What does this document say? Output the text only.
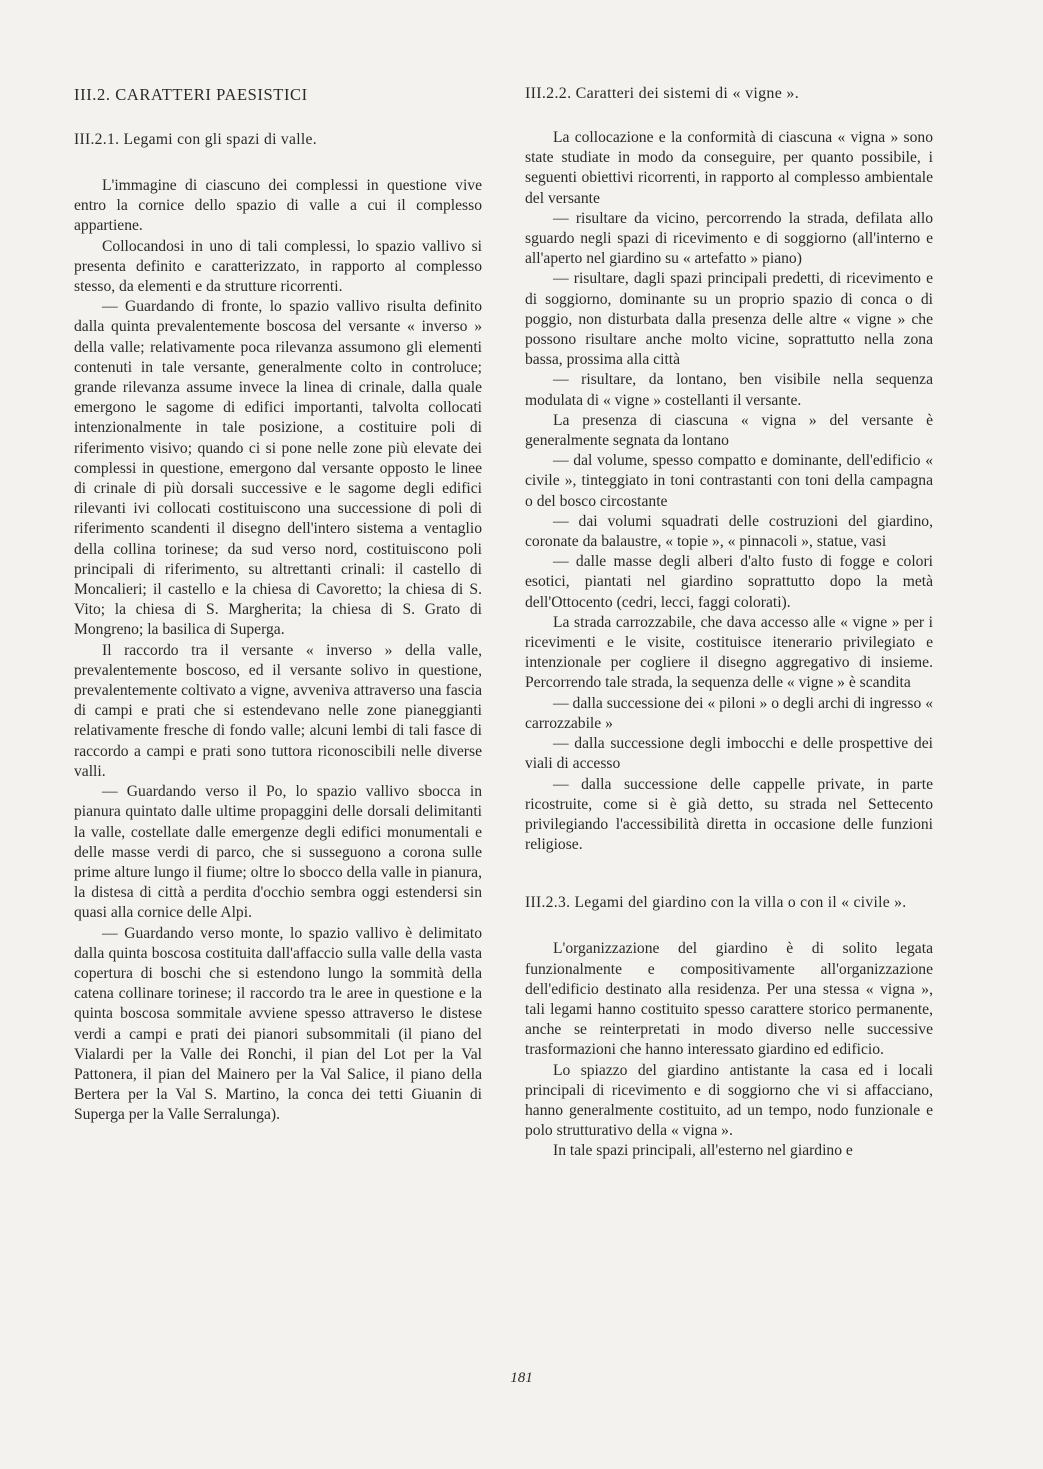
III.2. CARATTERI PAESISTICI
III.2.1. Legami con gli spazi di valle.

L'immagine di ciascuno dei complessi in questione vive entro la cornice dello spazio di valle a cui il complesso appartiene.

Collocandosi in uno di tali complessi, lo spazio vallivo si presenta definito e caratterizzato, in rapporto al complesso stesso, da elementi e da strutture ricorrenti.

— Guardando di fronte, lo spazio vallivo risulta definito dalla quinta prevalentemente boscosa del versante « inverso » della valle; relativamente poca rilevanza assumono gli elementi contenuti in tale versante, generalmente colto in controluce; grande rilevanza assume invece la linea di crinale, dalla quale emergono le sagome di edifici importanti, talvolta collocati intenzionalmente in tale posizione, a costituire poli di riferimento visivo; quando ci si pone nelle zone più elevate dei complessi in questione, emergono dal versante opposto le linee di crinale di più dorsali successive e le sagome degli edifici rilevanti ivi collocati costituiscono una successione di poli di riferimento scandenti il disegno dell'intero sistema a ventaglio della collina torinese; da sud verso nord, costituiscono poli principali di riferimento, su altrettanti crinali: il castello di Moncalieri; il castello e la chiesa di Cavoretto; la chiesa di S. Vito; la chiesa di S. Margherita; la chiesa di S. Grato di Mongreno; la basilica di Superga.

Il raccordo tra il versante « inverso » della valle, prevalentemente boscoso, ed il versante solivo in questione, prevalentemente coltivato a vigne, avveniva attraverso una fascia di campi e prati che si estendevano nelle zone pianeggianti relativamente fresche di fondo valle; alcuni lembi di tali fasce di raccordo a campi e prati sono tuttora riconoscibili nelle diverse valli.

— Guardando verso il Po, lo spazio vallivo sbocca in pianura quintato dalle ultime propaggini delle dorsali delimitanti la valle, costellate dalle emergenze degli edifici monumentali e delle masse verdi di parco, che si susseguono a corona sulle prime alture lungo il fiume; oltre lo sbocco della valle in pianura, la distesa di città a perdita d'occhio sembra oggi estendersi sin quasi alla cornice delle Alpi.

— Guardando verso monte, lo spazio vallivo è delimitato dalla quinta boscosa costituita dall'affaccio sulla valle della vasta copertura di boschi che si estendono lungo la sommità della catena collinare torinese; il raccordo tra le aree in questione e la quinta boscosa sommitale avviene spesso attraverso le distese verdi a campi e prati dei pianori subsommitali (il piano del Vialardi per la Valle dei Ronchi, il pian del Lot per la Val Pattonera, il pian del Mainero per la Val Salice, il piano della Bertera per la Val S. Martino, la conca dei tetti Giuanin di Superga per la Valle Serralunga).

III.2.2. Caratteri dei sistemi di « vigne ».

La collocazione e la conformità di ciascuna « vigna » sono state studiate in modo da conseguire, per quanto possibile, i seguenti obiettivi ricorrenti, in rapporto al complesso ambientale del versante

— risultare da vicino, percorrendo la strada, defilata allo sguardo negli spazi di ricevimento e di soggiorno (all'interno e all'aperto nel giardino su « artefatto » piano)

— risultare, dagli spazi principali predetti, di ricevimento e di soggiorno, dominante su un proprio spazio di conca o di poggio, non disturbata dalla presenza delle altre « vigne » che possono risultare anche molto vicine, soprattutto nella zona bassa, prossima alla città

— risultare, da lontano, ben visibile nella sequenza modulata di « vigne » costellanti il versante.

La presenza di ciascuna « vigna » del versante è generalmente segnata da lontano

— dal volume, spesso compatto e dominante, dell'edificio « civile », tinteggiato in toni contrastanti con toni della campagna o del bosco circostante

— dai volumi squadrati delle costruzioni del giardino, coronate da balaustre, « topie », « pinnacoli », statue, vasi

— dalle masse degli alberi d'alto fusto di fogge e colori esotici, piantati nel giardino soprattutto dopo la metà dell'Ottocento (cedri, lecci, faggi colorati).

La strada carrozzabile, che dava accesso alle « vigne » per i ricevimenti e le visite, costituisce itenerario privilegiato e intenzionale per cogliere il disegno aggregativo di insieme. Percorrendo tale strada, la sequenza delle « vigne » è scandita

— dalla successione dei « piloni » o degli archi di ingresso « carrozzabile »

— dalla successione degli imbocchi e delle prospettive dei viali di accesso

— dalla successione delle cappelle private, in parte ricostruite, come si è già detto, su strada nel Settecento privilegiando l'accessibilità diretta in occasione delle funzioni religiose.

III.2.3. Legami del giardino con la villa o con il « civile ».

L'organizzazione del giardino è di solito legata funzionalmente e compositivamente all'organizzazione dell'edificio destinato alla residenza. Per una stessa « vigna », tali legami hanno costituito spesso carattere storico permanente, anche se reinterpretati in modo diverso nelle successive trasformazioni che hanno interessato giardino ed edificio.

Lo spiazzo del giardino antistante la casa ed i locali principali di ricevimento e di soggiorno che vi si affacciano, hanno generalmente costituito, ad un tempo, nodo funzionale e polo strutturativo della « vigna ».

In tale spazi principali, all'esterno nel giardino e

181
